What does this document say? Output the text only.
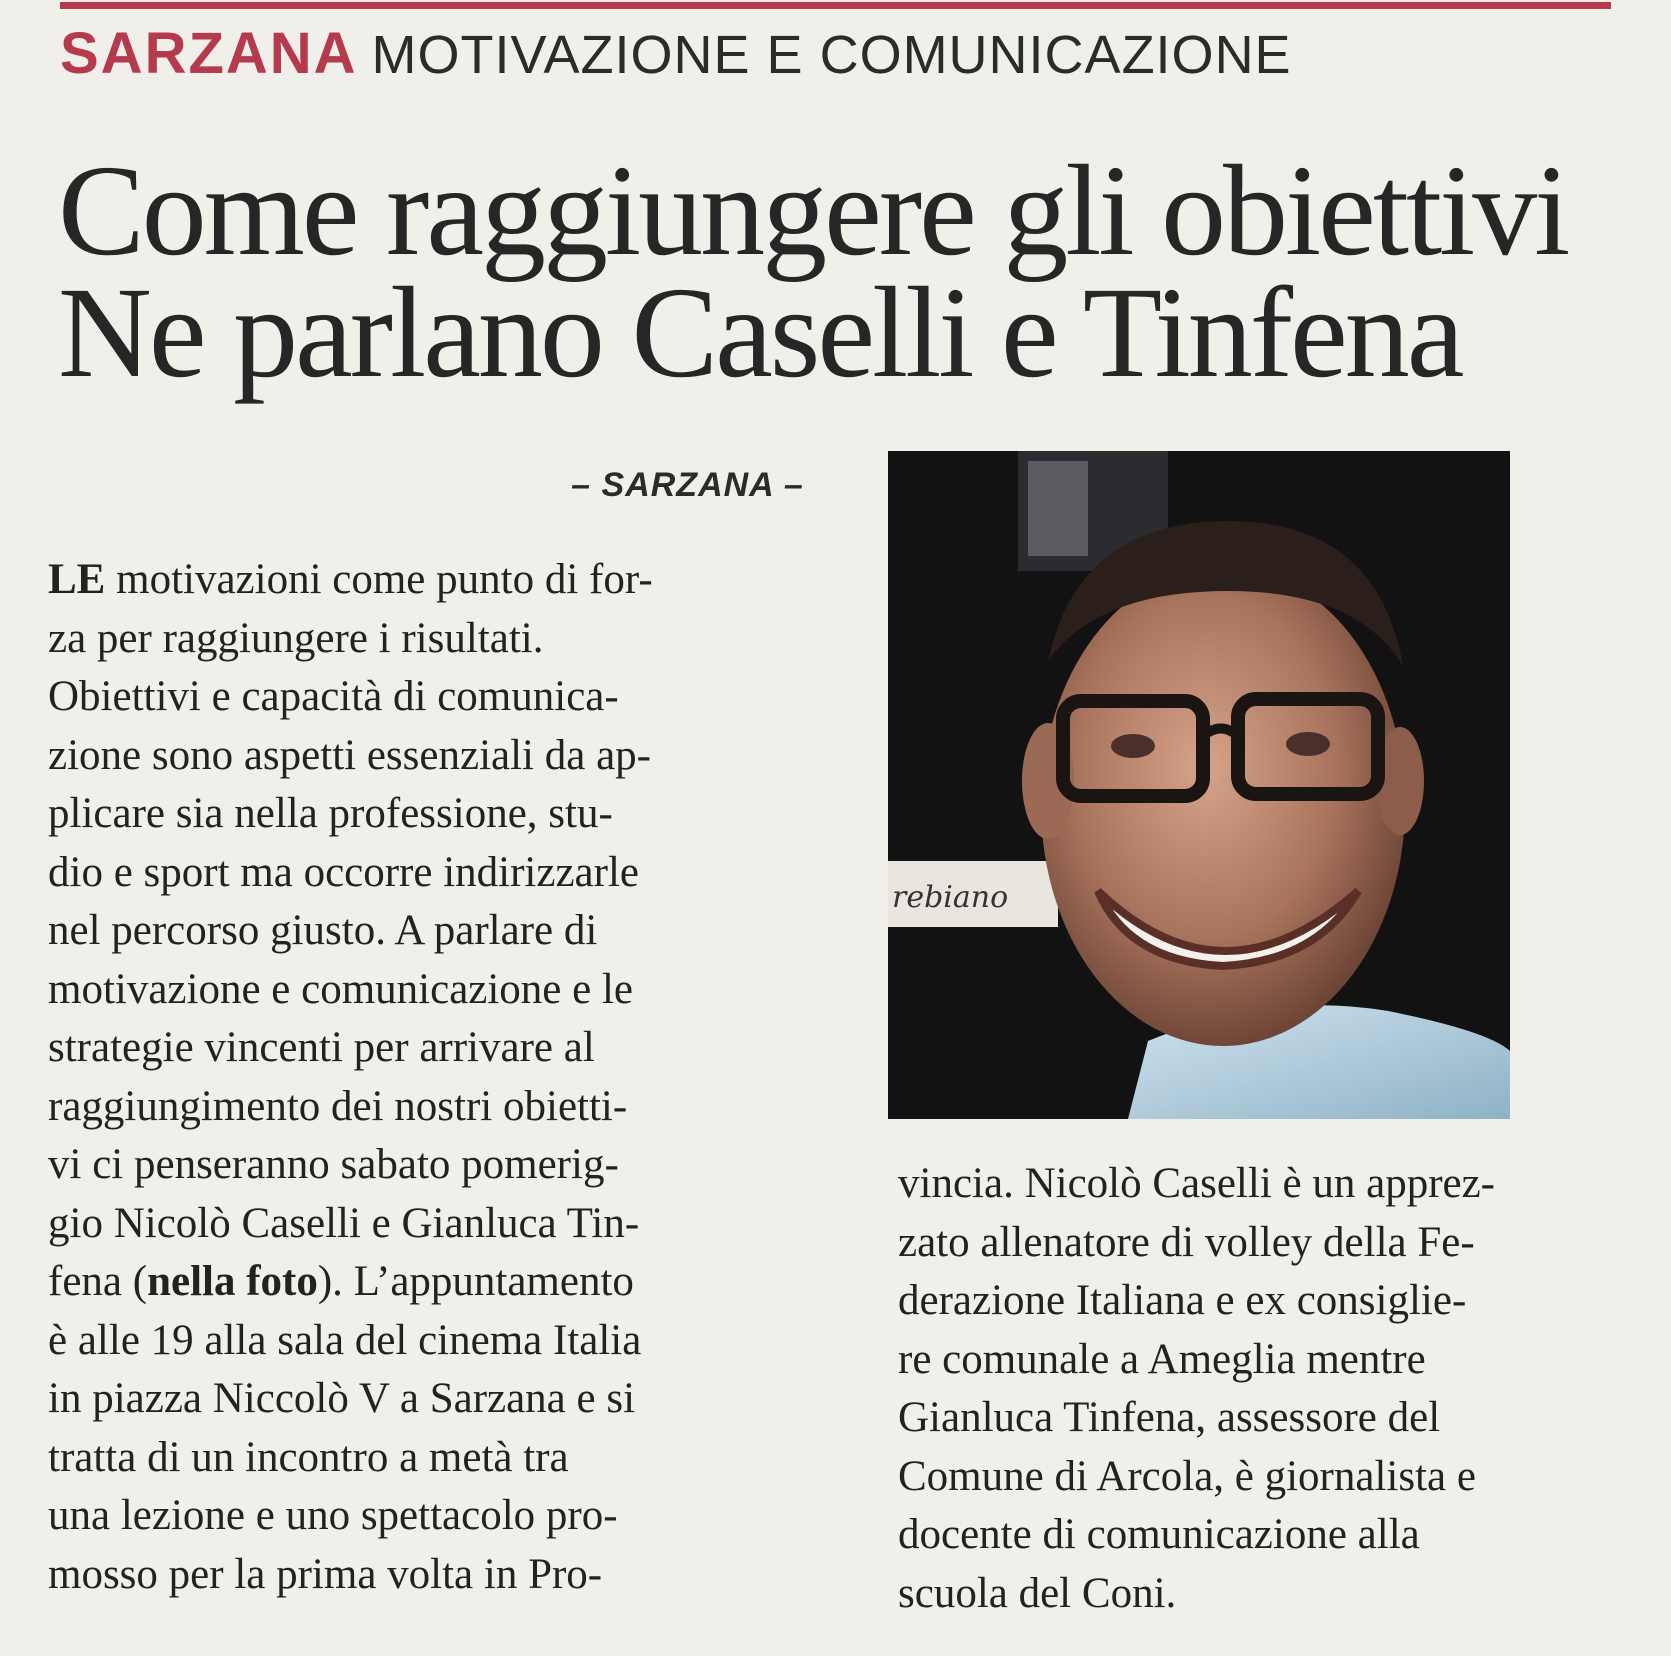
SARZANA MOTIVAZIONE E COMUNICAZIONE
Come raggiungere gli obiettivi
Ne parlano Caselli e Tinfena
– SARZANA –
LE motivazioni come punto di for-
za per raggiungere i risultati.
Obiettivi e capacità di comunica-
zione sono aspetti essenziali da ap-
plicare sia nella professione, stu-
dio e sport ma occorre indirizzarle
nel percorso giusto. A parlare di
motivazione e comunicazione e le
strategie vincenti per arrivare al
raggiungimento dei nostri obietti-
vi ci penseranno sabato pomerig-
gio Nicolò Caselli e Gianluca Tin-
fena (nella foto). L’appuntamento
è alle 19 alla sala del cinema Italia
in piazza Niccolò V a Sarzana e si
tratta di un incontro a metà tra
una lezione e uno spettacolo pro-
mosso per la prima volta in Pro-
rebiano
vincia. Nicolò Caselli è un apprez-
zato allenatore di volley della Fe-
derazione Italiana e ex consiglie-
re comunale a Ameglia mentre
Gianluca Tinfena, assessore del
Comune di Arcola, è giornalista e
docente di comunicazione alla
scuola del Coni.
